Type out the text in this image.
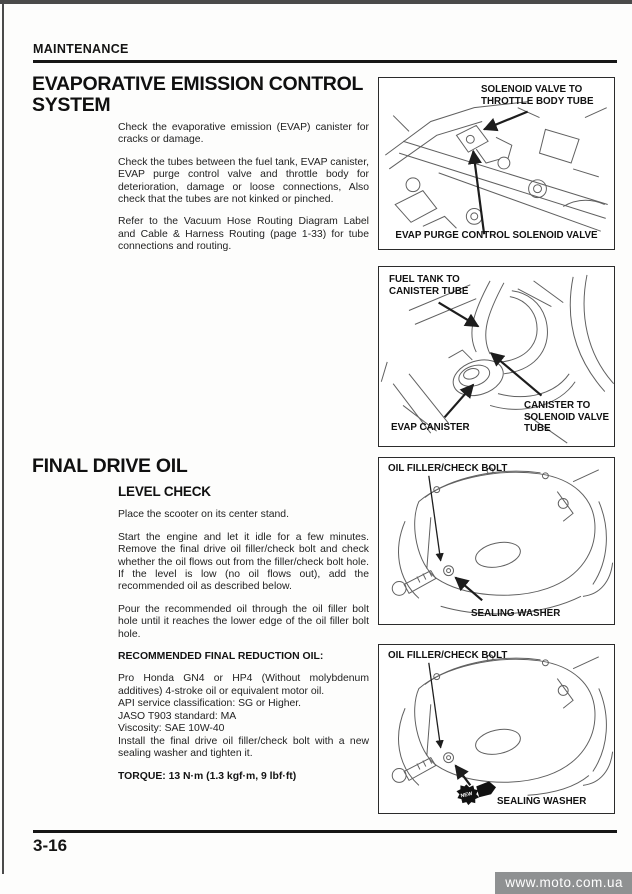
MAINTENANCE
EVAPORATIVE EMISSION CONTROL
SYSTEM

Check the evaporative emission (EVAP) canister for cracks or damage.

Check the tubes between the fuel tank, EVAP canister, EVAP purge control valve and throttle body for deterioration, damage or loose connections, Also check that the tubes are not kinked or pinched.

Refer to the Vacuum Hose Routing Diagram Label and Cable & Harness Routing (page 1-33) for tube connections and routing.

SOLENOID VALVE TO
THROTTLE BODY TUBE
EVAP PURGE CONTROL SOLENOID VALVE
FUEL TANK TO
CANISTER TUBE
EVAP CANISTER
CANISTER TO
SOLENOID VALVE
TUBE
FINAL DRIVE OIL
LEVEL CHECK

Place the scooter on its center stand.

Start the engine and let it idle for a few minutes. Remove the final drive oil filler/check bolt and check whether the oil flows out from the filler/check bolt hole. If the level is low (no oil flows out), add the recommended oil as described below.

Pour the recommended oil through the oil filler bolt hole until it reaches the lower edge of the oil filler bolt hole.

RECOMMENDED FINAL REDUCTION OIL:

Pro Honda GN4 or HP4 (Without molybdenum additives) 4-stroke oil or equivalent motor oil.

API service classification: SG or Higher.

JASO T903 standard: MA

Viscosity: SAE 10W-40

Install the final drive oil filler/check bolt with a new sealing washer and tighten it.

TORQUE: 13 N·m (1.3 kgf·m, 9 lbf·ft)

OIL FILLER/CHECK BOLT
SEALING WASHER
NEW
OIL FILLER/CHECK BOLT
SEALING WASHER
3-16
www.moto.com.ua
